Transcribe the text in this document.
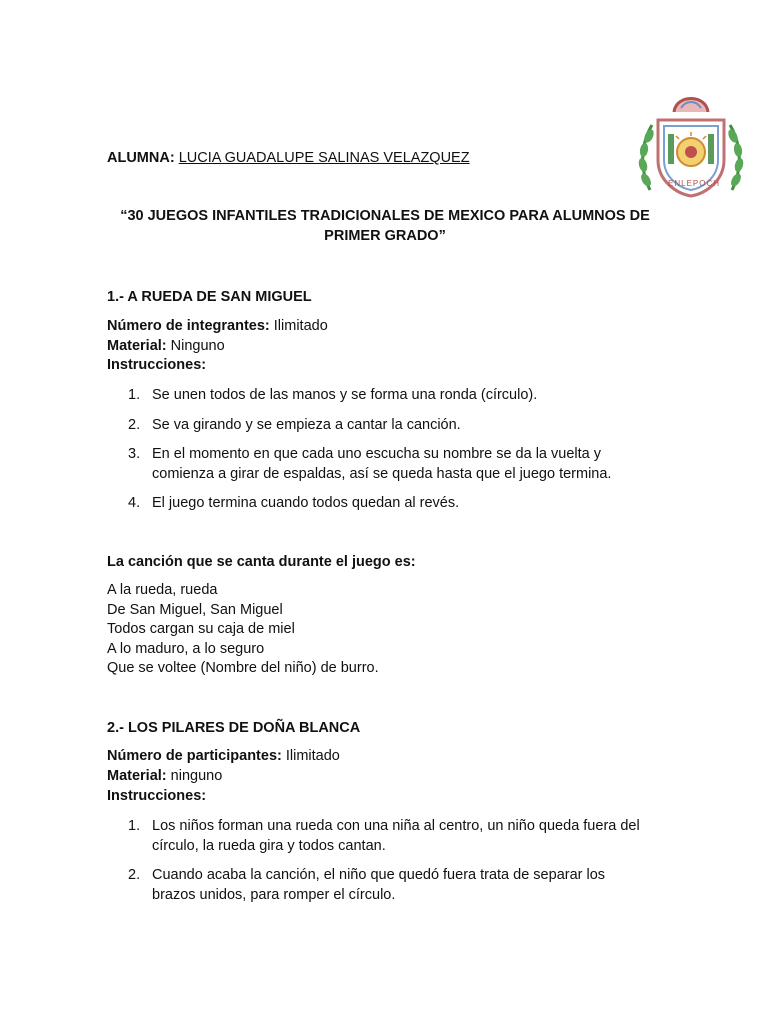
ENLEPOCH
ALUMNA: LUCIA GUADALUPE SALINAS VELAZQUEZ
“30 JUEGOS INFANTILES TRADICIONALES DE MEXICO PARA ALUMNOS DE PRIMER GRADO”
1.- A RUEDA DE SAN MIGUEL
Número de integrantes: Ilimitado
Material: Ninguno
Instrucciones:
1. Se unen todos de las manos y se forma una ronda (círculo).
2. Se va girando y se empieza a cantar la canción.
3. En el momento en que cada uno escucha su nombre se da la vuelta y comienza a girar de espaldas, así se queda hasta que el juego termina.
4. El juego termina cuando todos quedan al revés.
La canción que se canta durante el juego es:
A la rueda, rueda
De San Miguel, San Miguel
Todos cargan su caja de miel
A lo maduro, a lo seguro
Que se voltee (Nombre del niño) de burro.
2.- LOS PILARES DE DOÑA BLANCA
Número de participantes: Ilimitado
Material: ninguno
Instrucciones:
1. Los niños forman una rueda con una niña al centro, un niño queda fuera del círculo, la rueda gira y todos cantan.
2. Cuando acaba la canción, el niño que quedó fuera trata de separar los brazos unidos, para romper el círculo.
